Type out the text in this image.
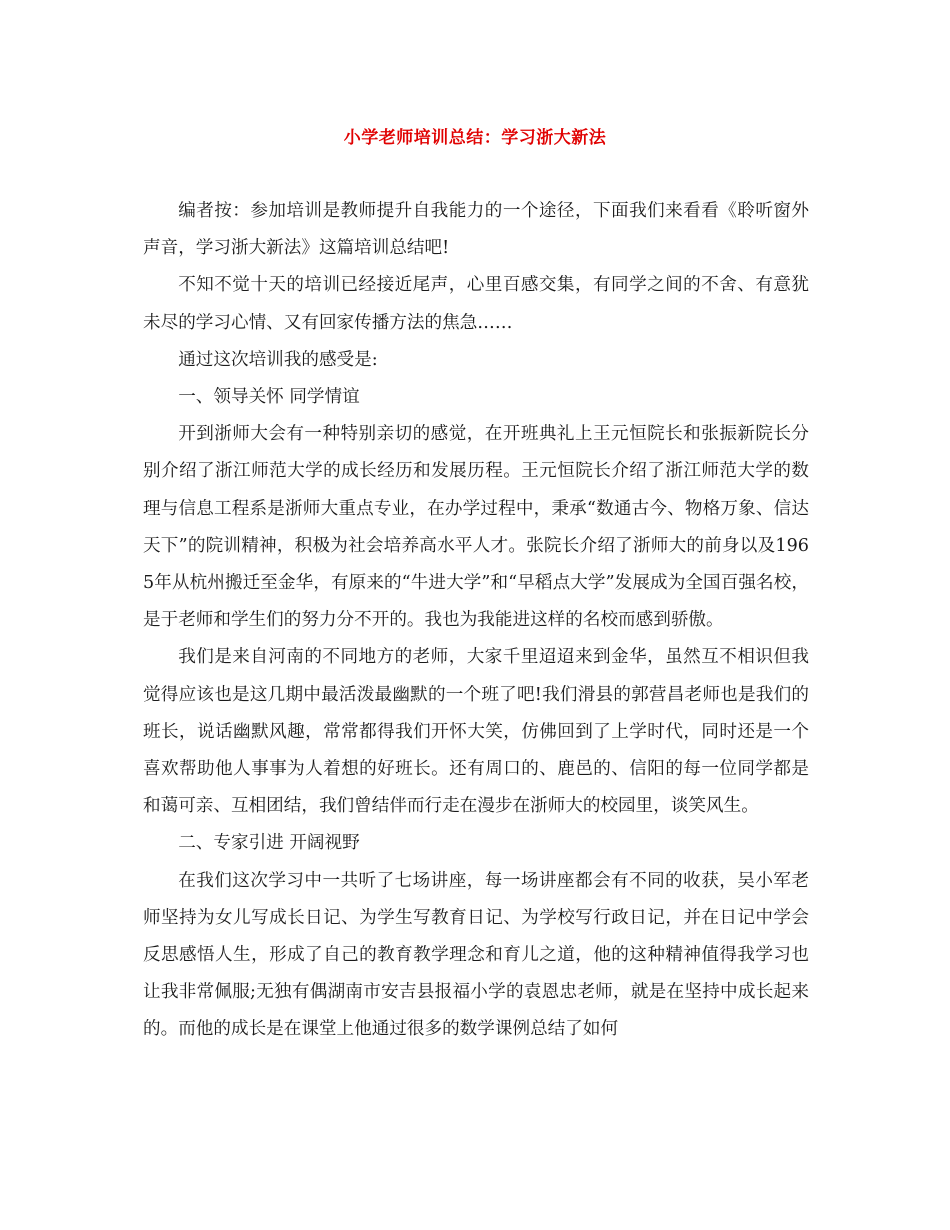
小学老师培训总结：学习浙大新法

编者按：参加培训是教师提升自我能力的一个途径，下面我们来看看《聆听窗外声音，学习浙大新法》这篇培训总结吧!

不知不觉十天的培训已经接近尾声，心里百感交集，有同学之间的不舍、有意犹未尽的学习心情、又有回家传播方法的焦急……

通过这次培训我的感受是:

一、领导关怀 同学情谊

开到浙师大会有一种特别亲切的感觉，在开班典礼上王元恒院长和张振新院长分别介绍了浙江师范大学的成长经历和发展历程。王元恒院长介绍了浙江师范大学的数理与信息工程系是浙师大重点专业，在办学过程中，秉承“数通古今、物格万象、信达天下”的院训精神，积极为社会培养高水平人才。张院长介绍了浙师大的前身以及1965年从杭州搬迁至金华，有原来的“牛进大学”和“早稻点大学”发展成为全国百强名校，是于老师和学生们的努力分不开的。我也为我能进这样的名校而感到骄傲。

我们是来自河南的不同地方的老师，大家千里迢迢来到金华，虽然互不相识但我觉得应该也是这几期中最活泼最幽默的一个班了吧!我们滑县的郭营昌老师也是我们的班长，说话幽默风趣，常常都得我们开怀大笑，仿佛回到了上学时代，同时还是一个喜欢帮助他人事事为人着想的好班长。还有周口的、鹿邑的、信阳的每一位同学都是和蔼可亲、互相团结，我们曾结伴而行走在漫步在浙师大的校园里，谈笑风生。

二、专家引进 开阔视野

在我们这次学习中一共听了七场讲座，每一场讲座都会有不同的收获，吴小军老师坚持为女儿写成长日记、为学生写教育日记、为学校写行政日记，并在日记中学会反思感悟人生，形成了自己的教育教学理念和育儿之道，他的这种精神值得我学习也让我非常佩服;无独有偶湖南市安吉县报福小学的袁恩忠老师，就是在坚持中成长起来的。而他的成长是在课堂上他通过很多的数学课例总结了如何
